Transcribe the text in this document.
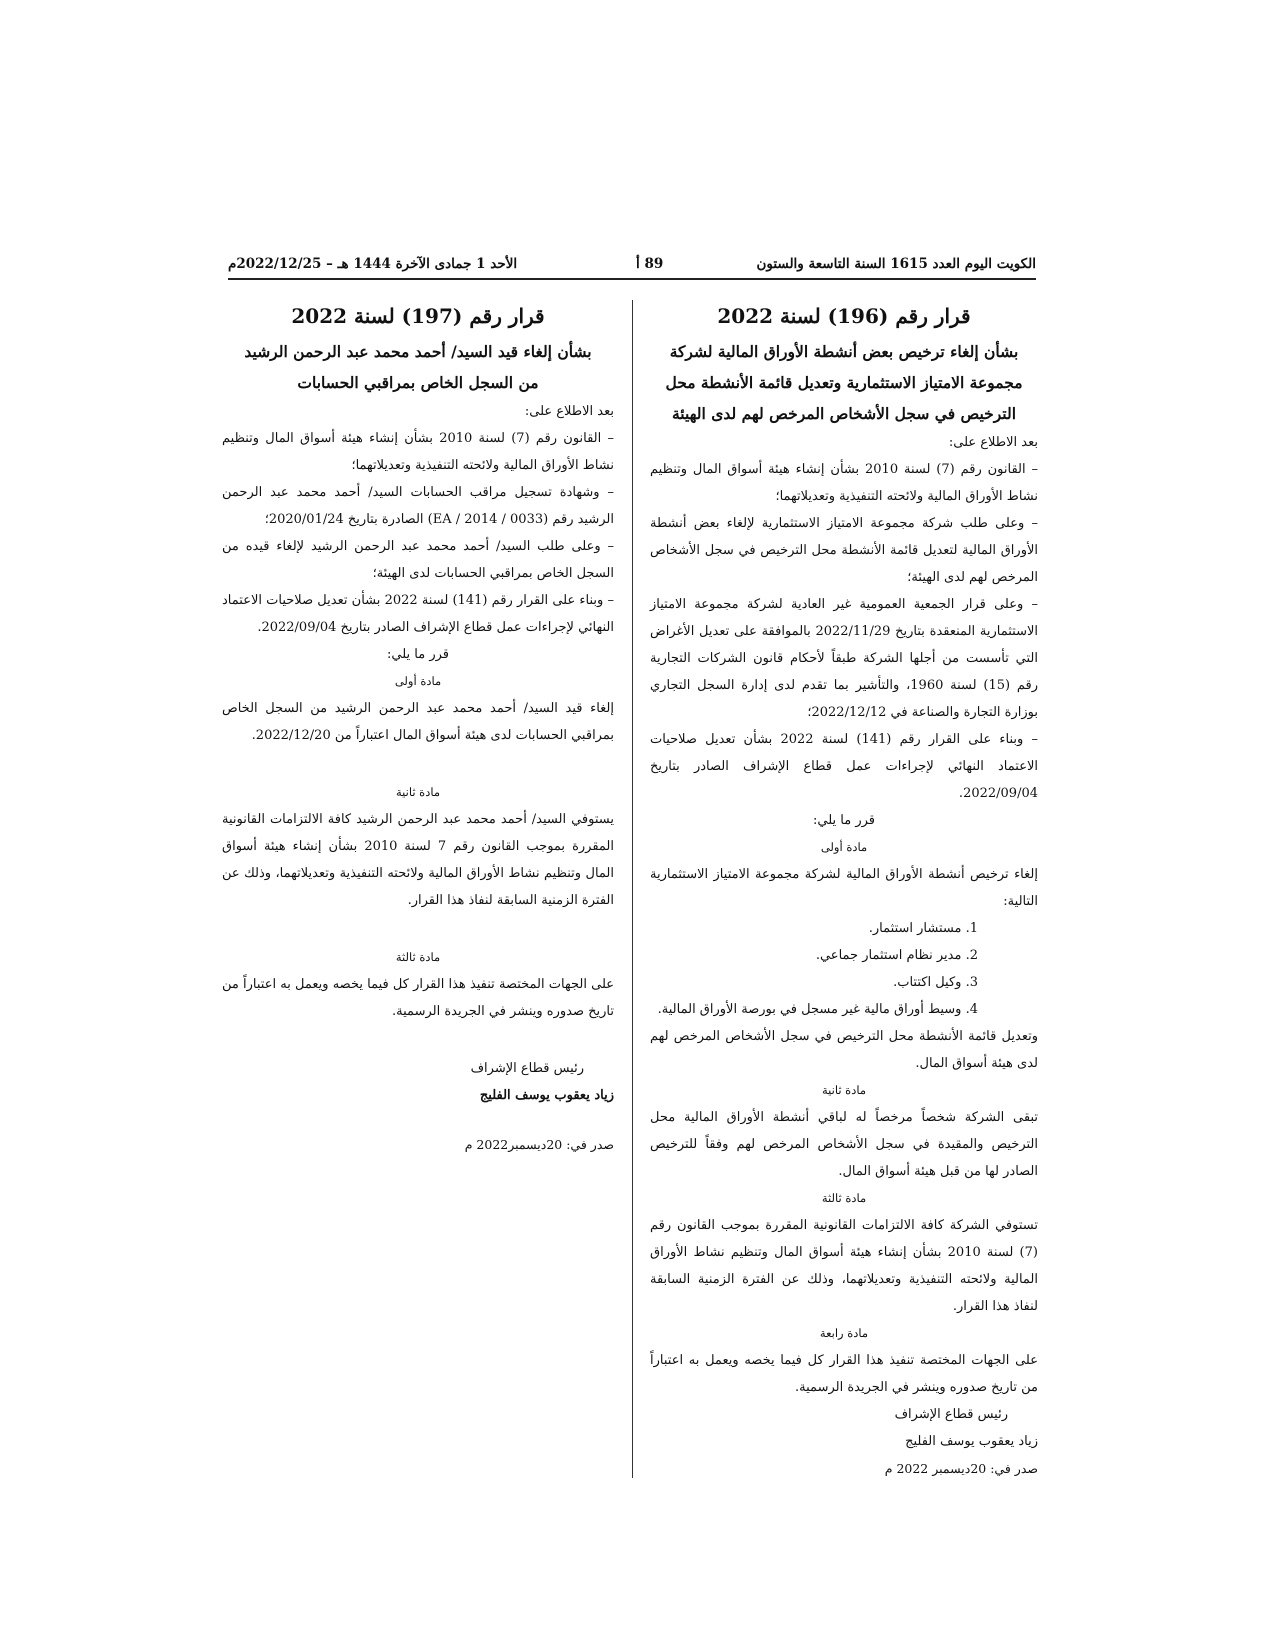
الكويت اليوم العدد 1615 السنة التاسعة والستون
89 أ
الأحد 1 جمادى الآخرة 1444 هـ – 2022/12/25م
قرار رقم (196) لسنة 2022
بشأن إلغاء ترخيص بعض أنشطة الأوراق المالية لشركة
مجموعة الامتياز الاستثمارية وتعديل قائمة الأنشطة محل
الترخيص في سجل الأشخاص المرخص لهم لدى الهيئة
بعد الاطلاع على:
– القانون رقم (7) لسنة 2010 بشأن إنشاء هيئة أسواق المال وتنظيم نشاط الأوراق المالية ولائحته التنفيذية وتعديلاتهما؛
– وعلى طلب شركة مجموعة الامتياز الاستثمارية لإلغاء بعض أنشطة الأوراق المالية لتعديل قائمة الأنشطة محل الترخيص في سجل الأشخاص المرخص لهم لدى الهيئة؛
– وعلى قرار الجمعية العمومية غير العادية لشركة مجموعة الامتياز الاستثمارية المنعقدة بتاريخ 2022/11/29 بالموافقة على تعديل الأغراض التي تأسست من أجلها الشركة طبقاً لأحكام قانون الشركات التجارية رقم (15) لسنة 1960، والتأشير بما تقدم لدى إدارة السجل التجاري بوزارة التجارة والصناعة في 2022/12/12؛
– وبناء على القرار رقم (141) لسنة 2022 بشأن تعديل صلاحيات الاعتماد النهائي لإجراءات عمل قطاع الإشراف الصادر بتاريخ 2022/09/04.
قرر ما يلي:
مادة أولى
إلغاء ترخيص أنشطة الأوراق المالية لشركة مجموعة الامتياز الاستثمارية التالية:
1. مستشار استثمار.
2. مدير نظام استثمار جماعي.
3. وكيل اكتتاب.
4. وسيط أوراق مالية غير مسجل في بورصة الأوراق المالية.
وتعديل قائمة الأنشطة محل الترخيص في سجل الأشخاص المرخص لهم لدى هيئة أسواق المال.
مادة ثانية
تبقى الشركة شخصاً مرخصاً له لباقي أنشطة الأوراق المالية محل الترخيص والمقيدة في سجل الأشخاص المرخص لهم وفقاً للترخيص الصادر لها من قبل هيئة أسواق المال.
مادة ثالثة
تستوفي الشركة كافة الالتزامات القانونية المقررة بموجب القانون رقم (7) لسنة 2010 بشأن إنشاء هيئة أسواق المال وتنظيم نشاط الأوراق المالية ولائحته التنفيذية وتعديلاتهما، وذلك عن الفترة الزمنية السابقة لنفاذ هذا القرار.
مادة رابعة
على الجهات المختصة تنفيذ هذا القرار كل فيما يخصه ويعمل به اعتباراً من تاريخ صدوره وينشر في الجريدة الرسمية.
رئيس قطاع الإشراف
زياد يعقوب يوسف الفليج
صدر في: 20ديسمبر 2022 م
قرار رقم (197) لسنة 2022
بشأن إلغاء قيد السيد/ أحمد محمد عبد الرحمن الرشيد
من السجل الخاص بمراقبي الحسابات
بعد الاطلاع على:
– القانون رقم (7) لسنة 2010 بشأن إنشاء هيئة أسواق المال وتنظيم نشاط الأوراق المالية ولائحته التنفيذية وتعديلاتهما؛
– وشهادة تسجيل مراقب الحسابات السيد/ أحمد محمد عبد الرحمن الرشيد رقم (0033 / 2014 / EA) الصادرة بتاريخ 2020/01/24؛
– وعلى طلب السيد/ أحمد محمد عبد الرحمن الرشيد لإلغاء قيده من السجل الخاص بمراقبي الحسابات لدى الهيئة؛
– وبناء على القرار رقم (141) لسنة 2022 بشأن تعديل صلاحيات الاعتماد النهائي لإجراءات عمل قطاع الإشراف الصادر بتاريخ 2022/09/04.
قرر ما يلي:
مادة أولى
إلغاء قيد السيد/ أحمد محمد عبد الرحمن الرشيد من السجل الخاص بمراقبي الحسابات لدى هيئة أسواق المال اعتباراً من 2022/12/20.
مادة ثانية
يستوفي السيد/ أحمد محمد عبد الرحمن الرشيد كافة الالتزامات القانونية المقررة بموجب القانون رقم 7 لسنة 2010 بشأن إنشاء هيئة أسواق المال وتنظيم نشاط الأوراق المالية ولائحته التنفيذية وتعديلاتهما، وذلك عن الفترة الزمنية السابقة لنفاذ هذا القرار.
مادة ثالثة
على الجهات المختصة تنفيذ هذا القرار كل فيما يخصه ويعمل به اعتباراً من تاريخ صدوره وينشر في الجريدة الرسمية.
رئيس قطاع الإشراف
زياد يعقوب يوسف الفليج
صدر في: 20ديسمبر2022 م
